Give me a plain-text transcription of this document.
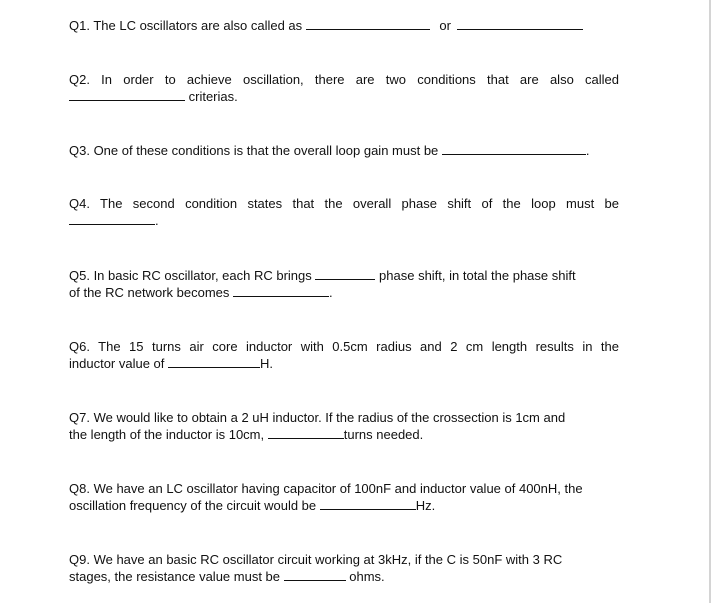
Q1. The LC oscillators are also called as	or
Q2. In order to achieve oscillation, there are two conditions that are also called
criterias.
Q3. One of these conditions is that the overall loop gain must be	.
Q4. The second condition states that the overall phase shift of the loop must be
.
Q5. In basic RC oscillator, each RC brings	phase shift, in total the phase shift
of the RC network becomes	.
Q6. The 15 turns air core inductor with 0.5cm radius and 2 cm length results in the
inductor value of	H.
Q7. We would like to obtain a 2 uH inductor. If the radius of the crossection is 1cm and
the length of the inductor is 10cm,	turns needed.
Q8. We have an LC oscillator having capacitor of 100nF and inductor value of 400nH, the
oscillation frequency of the circuit would be	Hz.
Q9. We have an basic RC oscillator circuit working at 3kHz, if the C is 50nF with 3 RC
stages, the resistance value must be	ohms.
